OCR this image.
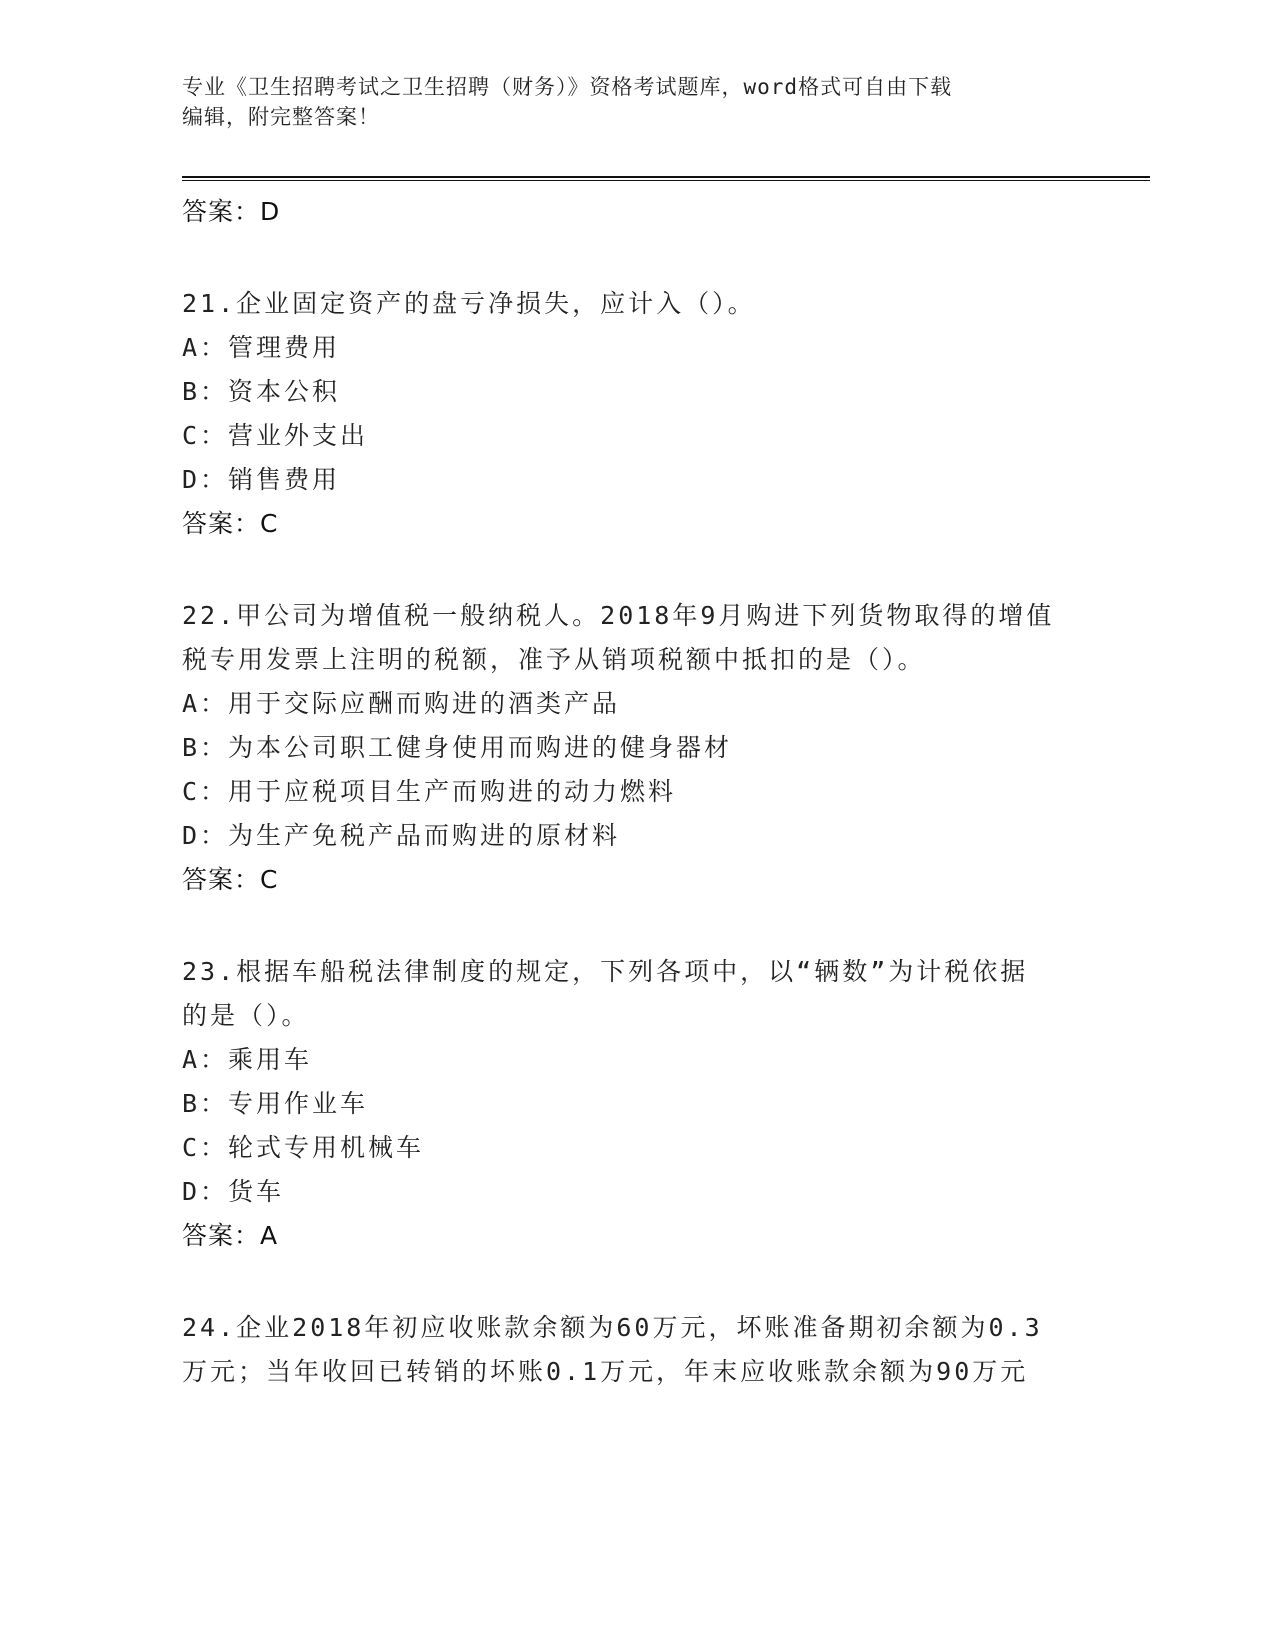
专业《卫生招聘考试之卫生招聘（财务）》资格考试题库，word格式可自由下载
编辑，附完整答案！
答案：D
21.企业固定资产的盘亏净损失，应计入（）。
A：管理费用
B：资本公积
C：营业外支出
D：销售费用
答案：C
22.甲公司为增值税一般纳税人。2018年9月购进下列货物取得的增值
税专用发票上注明的税额，准予从销项税额中抵扣的是（）。
A：用于交际应酬而购进的酒类产品
B：为本公司职工健身使用而购进的健身器材
C：用于应税项目生产而购进的动力燃料
D：为生产免税产品而购进的原材料
答案：C
23.根据车船税法律制度的规定，下列各项中，以“辆数”为计税依据
的是（）。
A：乘用车
B：专用作业车
C：轮式专用机械车
D：货车
答案：A
24.企业2018年初应收账款余额为60万元，坏账准备期初余额为0.3
万元；当年收回已转销的坏账0.1万元，年末应收账款余额为90万元
